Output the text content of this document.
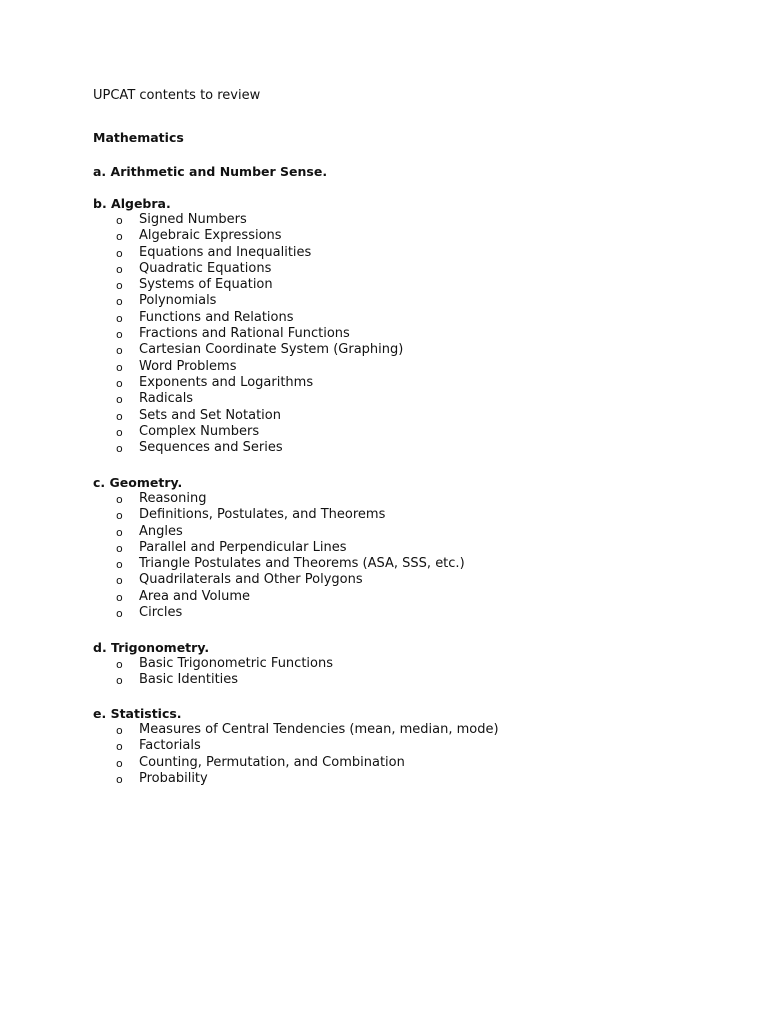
UPCAT contents to review
Mathematics
a. Arithmetic and Number Sense.
b. Algebra.
o Signed Numbers
o Algebraic Expressions
o Equations and Inequalities
o Quadratic Equations
o Systems of Equation
o Polynomials
o Functions and Relations
o Fractions and Rational Functions
o Cartesian Coordinate System (Graphing)
o Word Problems
o Exponents and Logarithms
o Radicals
o Sets and Set Notation
o Complex Numbers
o Sequences and Series
c. Geometry.
o Reasoning
o Definitions, Postulates, and Theorems
o Angles
o Parallel and Perpendicular Lines
o Triangle Postulates and Theorems (ASA, SSS, etc.)
o Quadrilaterals and Other Polygons
o Area and Volume
o Circles
d. Trigonometry.
o Basic Trigonometric Functions
o Basic Identities
e. Statistics.
o Measures of Central Tendencies (mean, median, mode)
o Factorials
o Counting, Permutation, and Combination
o Probability
